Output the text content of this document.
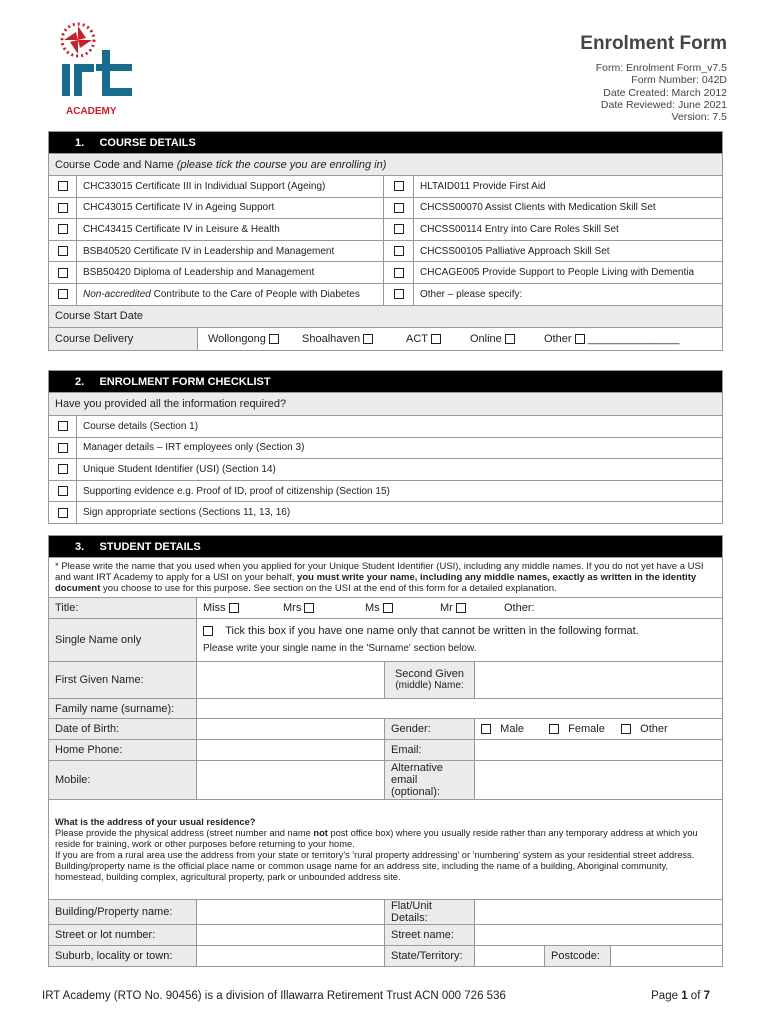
ACADEMY
Enrolment Form
Form: Enrolment Form_v7.5
Form Number: 042D
Date Created: March 2012
Date Reviewed: June 2021
Version: 7.5
1.     COURSE DETAILS			
Course Code and Name (please tick the course you are enrolling in)			
	CHC33015 Certificate III in Individual Support (Ageing)		HLTAID011 Provide First Aid
	CHC43015 Certificate IV in Ageing Support		CHCSS00070 Assist Clients with Medication Skill Set
	CHC43415 Certificate IV in Leisure & Health		CHCSS00114 Entry into Care Roles Skill Set
	BSB40520 Certificate IV in Leadership and Management		CHCSS00105 Palliative Approach Skill Set
	BSB50420 Diploma of Leadership and Management		CHCAGE005 Provide Support to People Living with Dementia
	Non-accredited Contribute to the Care of People with Diabetes		Other – please specify:
Course Start Date			
Course Delivery	Wollongong	Shoalhaven	ACT	Online	Other _______________
2.     ENROLMENT FORM CHECKLIST	
Have you provided all the information required?	
	Course details (Section 1)
	Manager details – IRT employees only (Section 3)
	Unique Student Identifier (USI) (Section 14)
	Supporting evidence e.g. Proof of ID, proof of citizenship (Section 15)
	Sign appropriate sections (Sections 11, 13, 16)
3.     STUDENT DETAILS				
* Please write the name that you used when you applied for your Unique Student Identifier (USI), including any middle names. If you do not yet have a USI and want IRT Academy to apply for a USI on your behalf, you must write your name, including any middle names, exactly as written in the identity document you choose to use for this purpose. See section on the USI at the end of this form for a detailed explanation.				
Title:	Miss Mrs Ms Mr Other:			
Single Name only	Tick this box if you have one name only that cannot be written in the following format.
Please write your single name in the 'Surname' section below.			

First Given Name:		Second Given
(middle) Name:		

Family name (surname):				
Date of Birth:		Gender:	Male Female Other	
Home Phone:		Email:		
Mobile:		Alternative email (optional):		
What is the address of your usual residence?
Please provide the physical address (street number and name not post office box) where you usually reside rather than any temporary address at which you reside for training, work or other purposes before returning to your home.
If you are from a rural area use the address from your state or territory's 'rural property addressing' or 'numbering' system as your residential street address.
Building/property name is the official place name or common usage name for an address site, including the name of a building, Aboriginal community, homestead, building complex, agricultural property, park or unbounded address site.				

Building/Property name:		Flat/Unit Details:		
Street or lot number:		Street name:		
Suburb, locality or town:		State/Territory:		Postcode:
IRT Academy (RTO No. 90456) is a division of Illawarra Retirement Trust ACN 000 726 536	Page 1 of 7
